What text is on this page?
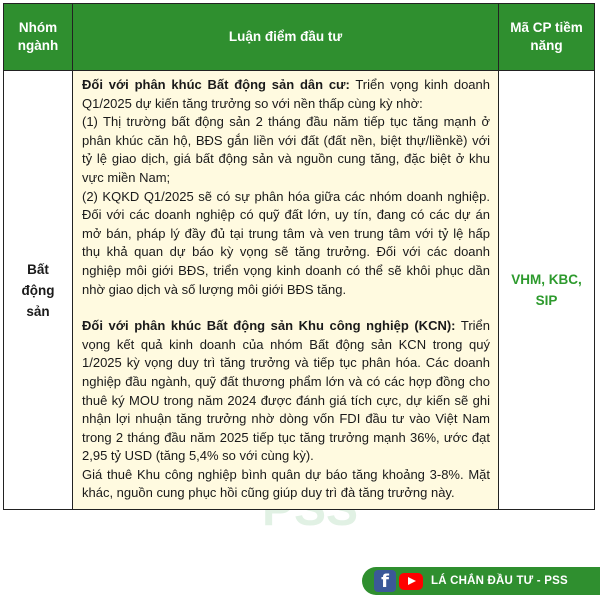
Nhóm ngành	Luận điểm đầu tư	Mã CP tiềm năng
Bất động sản	Đối với phân khúc Bất động sản dân cư: Triển vọng kinh doanh Q1/2025 dự kiến tăng trưởng so với nền thấp cùng kỳ nhờ:

(1) Thị trường bất động sản 2 tháng đầu năm tiếp tục tăng mạnh ở phân khúc căn hộ, BĐS gắn liền với đất (đất nền, biệt thự/liềnkề) với tỷ lệ giao dịch, giá bất động sản và nguồn cung tăng, đặc biệt ở khu vực miền Nam;

(2) KQKD Q1/2025 sẽ có sự phân hóa giữa các nhóm doanh nghiệp. Đối với các doanh nghiệp có quỹ đất lớn, uy tín, đang có các dự án mở bán, pháp lý đầy đủ tại trung tâm và ven trung tâm với tỷ lệ hấp thụ khả quan dự báo kỳ vọng sẽ tăng trưởng. Đối với các doanh nghiệp môi giới BĐS, triển vọng kinh doanh có thể sẽ khôi phục dần nhờ giao dịch và số lượng môi giới BĐS tăng.

Đối với phân khúc Bất động sản Khu công nghiệp (KCN): Triển vọng kết quả kinh doanh của nhóm Bất động sản KCN trong quý 1/2025 kỳ vọng duy trì tăng trưởng và tiếp tục phân hóa. Các doanh nghiệp đầu ngành, quỹ đất thương phẩm lớn và có các hợp đồng cho thuê ký MOU trong năm 2024 được đánh giá tích cực, dự kiến sẽ ghi nhận lợi nhuận tăng trưởng nhờ dòng vốn FDI đầu tư vào Việt Nam trong 2 tháng đầu năm 2025 tiếp tục tăng trưởng mạnh 36%, ước đạt 2,95 tỷ USD (tăng 5,4% so với cùng kỳ).

Giá thuê Khu công nghiệp bình quân dự báo tăng khoảng 3-8%. Mặt khác, nguồn cung phục hồi cũng giúp duy trì đà tăng trưởng này.	VHM, KBC, SIP
f	LÁ CHẮN ĐẦU TƯ - PSS
